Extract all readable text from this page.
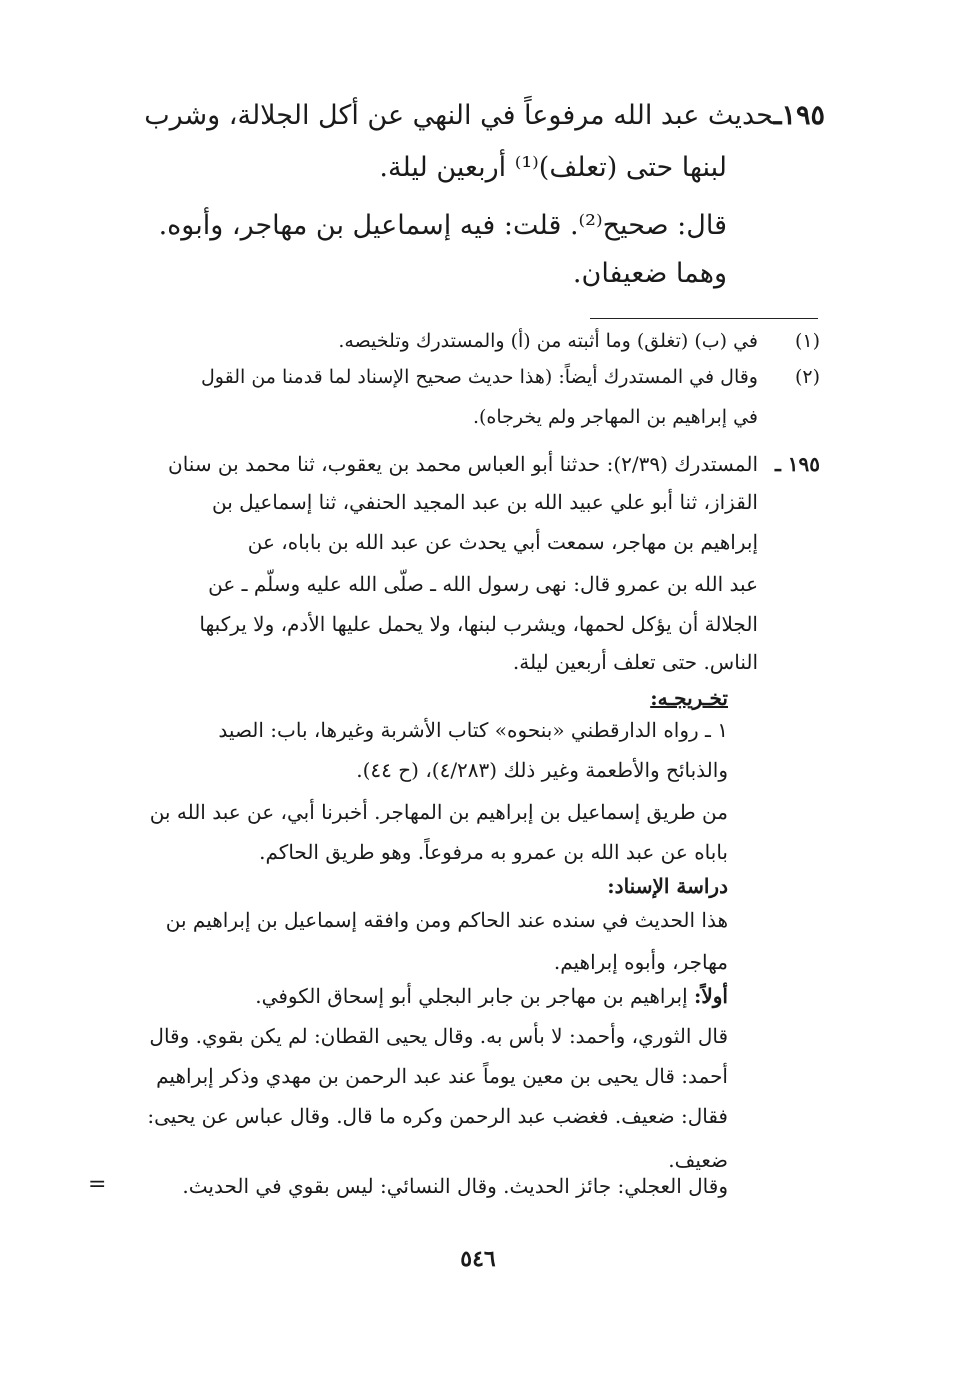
١٩٥ـحديث عبد الله مرفوعاً في النهي عن أكل الجلالة، وشرب
لبنها حتى (تعلف)⁽¹⁾ أربعين ليلة.
قال: صحيح⁽²⁾. قلت: فيه إسماعيل بن مهاجر، وأبوه.
وهما ضعيفان.
(١)
في (ب) (تغلق) وما أثبته من (أ) والمستدرك وتلخيصه.
(٢)
وقال في المستدرك أيضاً: (هذا حديث صحيح الإسناد لما قدمنا من القول
في إبراهيم بن المهاجر ولم يخرجاه).
١٩٥ ـ
المستدرك (٢/٣٩): حدثنا أبو العباس محمد بن يعقوب، ثنا محمد بن سنان
القزاز، ثنا أبو علي عبيد الله بن عبد المجيد الحنفي، ثنا إسماعيل بن
إبراهيم بن مهاجر، سمعت أبي يحدث عن عبد الله بن باباه، عن
عبد الله بن عمرو قال: نهى رسول الله ـ صلّى الله عليه وسلّم ـ عن
الجلالة أن يؤكل لحمها، ويشرب لبنها، ولا يحمل عليها الأدم، ولا يركبها
الناس. حتى تعلف أربعين ليلة.
تخـريجـه:
١ ـ رواه الدارقطني «بنحوه» كتاب الأشربة وغيرها، باب: الصيد
والذبائح والأطعمة وغير ذلك (٤/٢٨٣)، (ح ٤٤).
من طريق إسماعيل بن إبراهيم بن المهاجر. أخبرنا أبي، عن عبد الله بن
باباه عن عبد الله بن عمرو به مرفوعاً. وهو طريق الحاكم.
دراسة الإسناد:
هذا الحديث في سنده عند الحاكم ومن وافقه إسماعيل بن إبراهيم بن
مهاجر، وأبوه إبراهيم.
أولاً: إبراهيم بن مهاجر بن جابر البجلي أبو إسحاق الكوفي.
قال الثوري، وأحمد: لا بأس به. وقال يحيى القطان: لم يكن بقوي. وقال
أحمد: قال يحيى بن معين يوماً عند عبد الرحمن بن مهدي وذكر إبراهيم
فقال: ضعيف. فغضب عبد الرحمن وكره ما قال. وقال عباس عن يحيى:
ضعيف.
وقال العجلي: جائز الحديث. وقال النسائي: ليس بقوي في الحديث.
=
٥٤٦
